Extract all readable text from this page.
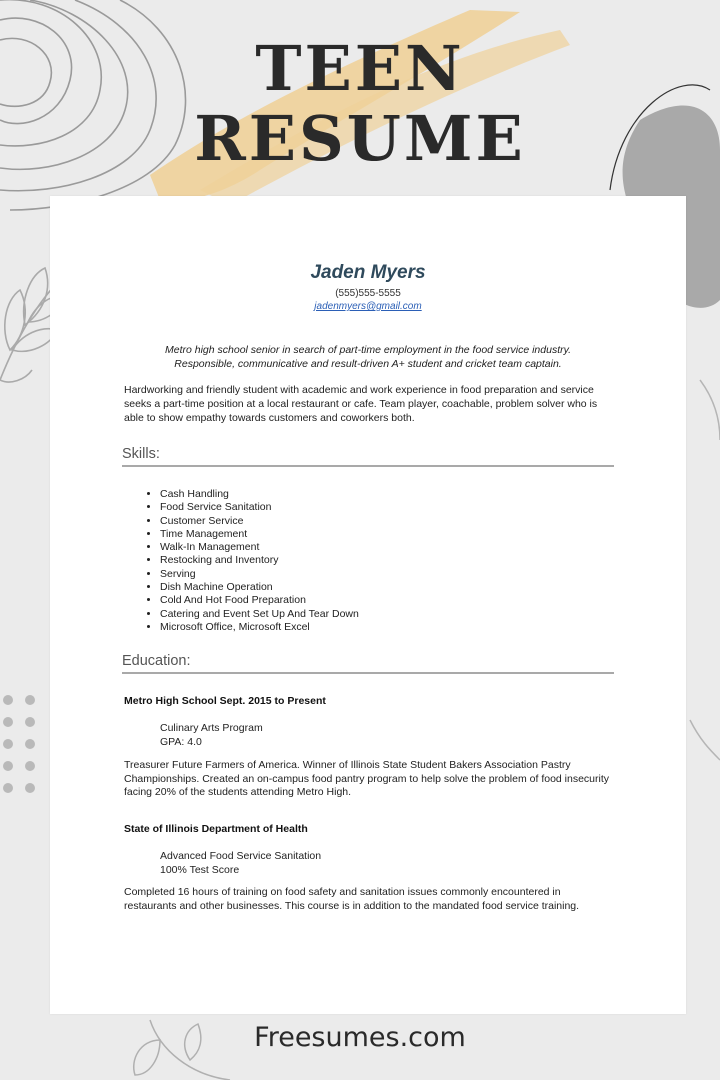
TEEN
RESUME
Jaden Myers
(555)555-5555
jadenmyers@gmail.com
Metro high school senior in search of part-time employment in the food service industry.
Responsible, communicative and result-driven A+ student and cricket team captain.
Hardworking and friendly student with academic and work experience in food preparation and service seeks a part-time position at a local restaurant or cafe. Team player, coachable, problem solver who is able to show empathy towards customers and coworkers both.
Skills:
• Cash Handling
• Food Service Sanitation
• Customer Service
• Time Management
• Walk-In Management
• Restocking and Inventory
• Serving
• Dish Machine Operation
• Cold And Hot Food Preparation
• Catering and Event Set Up And Tear Down
• Microsoft Office, Microsoft Excel
Education:
Metro High School Sept. 2015 to Present
Culinary Arts Program
GPA: 4.0
Treasurer Future Farmers of America. Winner of Illinois State Student Bakers Association Pastry Championships. Created an on-campus food pantry program to help solve the problem of food insecurity facing 20% of the students attending Metro High.
State of Illinois Department of Health
Advanced Food Service Sanitation
100% Test Score
Completed 16 hours of training on food safety and sanitation issues commonly encountered in restaurants and other businesses. This course is in addition to the mandated food service training.
Freesumes.com
